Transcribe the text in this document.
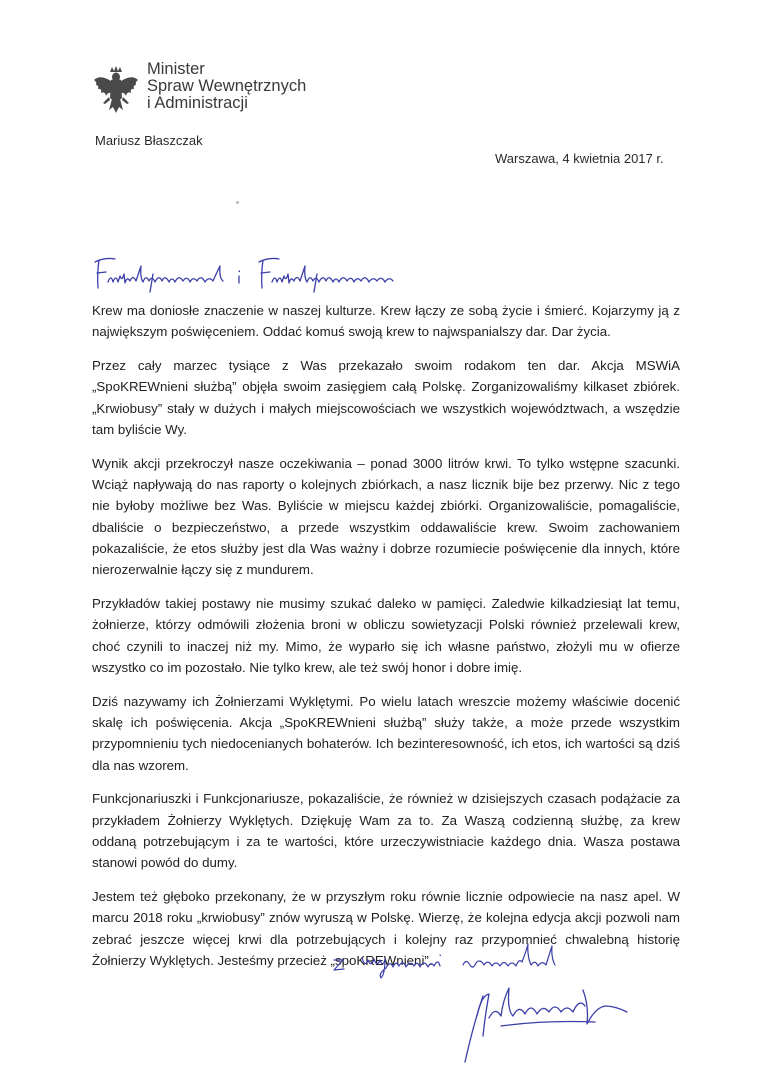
Minister
Spraw Wewnętrznych
i Administracji
Mariusz Błaszczak
Warszawa, 4 kwietnia 2017 r.

Krew ma doniosłe znaczenie w naszej kulturze. Krew łączy ze sobą życie i śmierć. Kojarzymy ją z największym poświęceniem. Oddać komuś swoją krew to najwspanialszy dar. Dar życia.

Przez cały marzec tysiące z Was przekazało swoim rodakom ten dar. Akcja MSWiA „SpoKREWnieni służbą” objęła swoim zasięgiem całą Polskę. Zorganizowaliśmy kilkaset zbiórek. „Krwiobusy” stały w dużych i małych miejscowościach we wszystkich województwach, a wszędzie tam byliście Wy.

Wynik akcji przekroczył nasze oczekiwania – ponad 3000 litrów krwi. To tylko wstępne szacunki. Wciąż napływają do nas raporty o kolejnych zbiórkach, a nasz licznik bije bez przerwy. Nic z tego nie byłoby możliwe bez Was. Byliście w miejscu każdej zbiórki. Organizowaliście, pomagaliście, dbaliście o bezpieczeństwo, a przede wszystkim oddawaliście krew. Swoim zachowaniem pokazaliście, że etos służby jest dla Was ważny i dobrze rozumiecie poświęcenie dla innych, które nierozerwalnie łączy się z mundurem.

Przykładów takiej postawy nie musimy szukać daleko w pamięci. Zaledwie kilkadziesiąt lat temu, żołnierze, którzy odmówili złożenia broni w obliczu sowietyzacji Polski również przelewali krew, choć czynili to inaczej niż my. Mimo, że wyparło się ich własne państwo, złożyli mu w ofierze wszystko co im pozostało. Nie tylko krew, ale też swój honor i dobre imię.

Dziś nazywamy ich Żołnierzami Wyklętymi. Po wielu latach wreszcie możemy właściwie docenić skalę ich poświęcenia. Akcja „SpoKREWnieni służbą” służy także, a może przede wszystkim przypomnieniu tych niedocenianych bohaterów. Ich bezinteresowność, ich etos, ich wartości są dziś dla nas wzorem.

Funkcjonariuszki i Funkcjonariusze, pokazaliście, że również w dzisiejszych czasach podążacie za przykładem Żołnierzy Wyklętych. Dziękuję Wam za to. Za Waszą codzienną służbę, za krew oddaną potrzebującym i za te wartości, które urzeczywistniacie każdego dnia. Wasza postawa stanowi powód do dumy.

Jestem też głęboko przekonany, że w przyszłym roku równie licznie odpowiecie na nasz apel. W marcu 2018 roku „krwiobusy” znów wyruszą w Polskę. Wierzę, że kolejna edycja akcji pozwoli nam zebrać jeszcze więcej krwi dla potrzebujących i kolejny raz przypomnieć chwalebną historię Żołnierzy Wyklętych. Jesteśmy przecież „spoKREWnieni”.
